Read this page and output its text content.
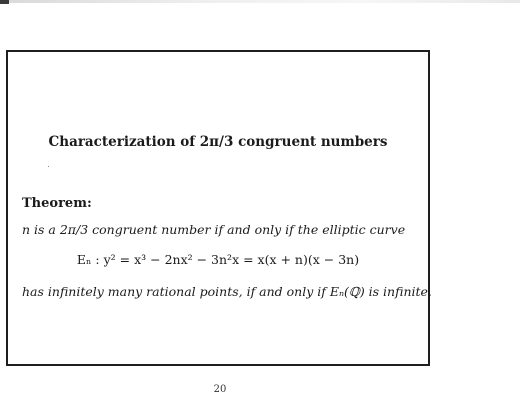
Characterization of 2π/3 congruent numbers
Theorem:
n is a 2π/3 congruent number if and only if the elliptic curve
Eₙ : y² = x³ − 2nx² − 3n²x = x(x + n)(x − 3n)
has infinitely many rational points, if and only if Eₙ(ℚ) is infinite.
20
